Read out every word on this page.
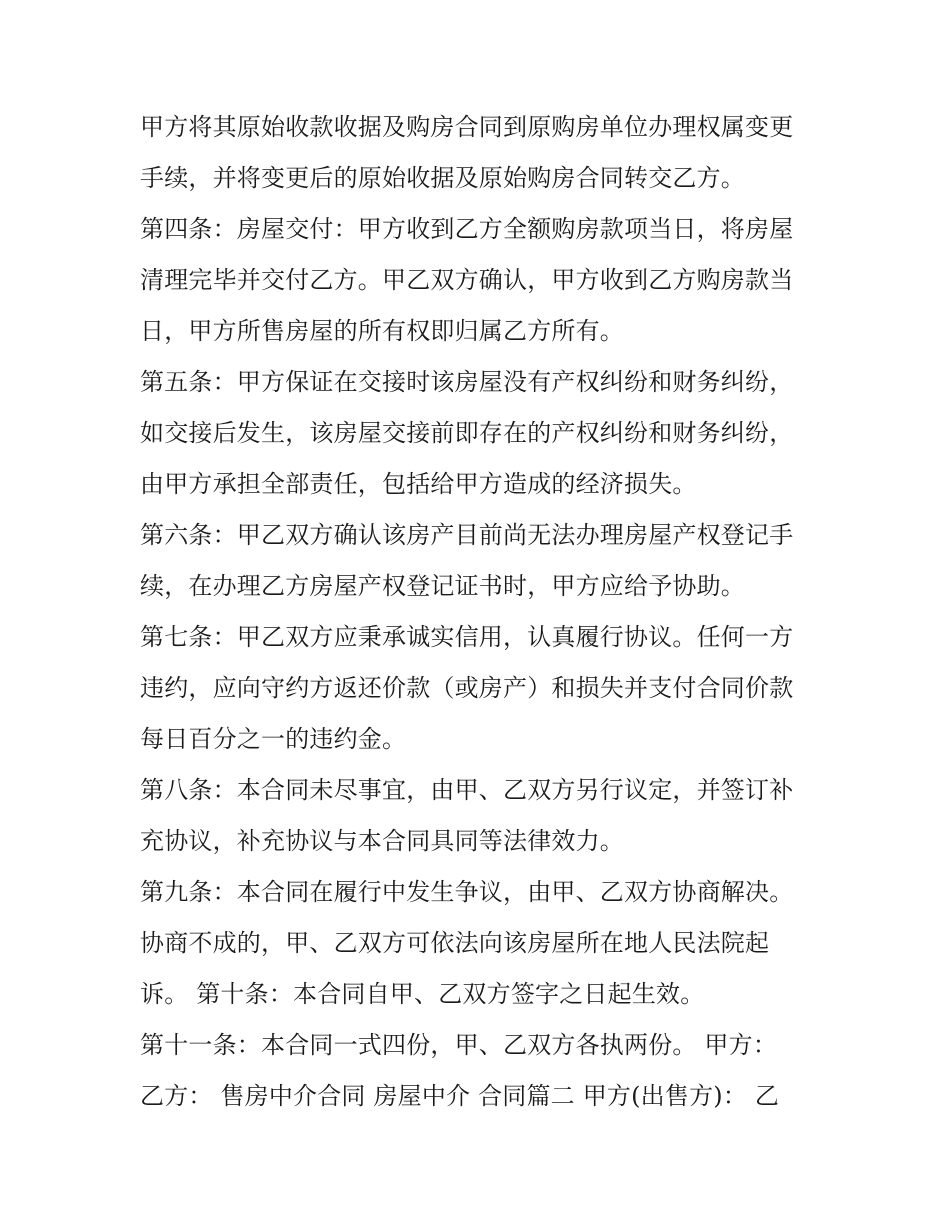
甲方将其原始收款收据及购房合同到原购房单位办理权属变更
手续，并将变更后的原始收据及原始购房合同转交乙方。
第四条：房屋交付：甲方收到乙方全额购房款项当日，将房屋
清理完毕并交付乙方。甲乙双方确认，甲方收到乙方购房款当
日，甲方所售房屋的所有权即归属乙方所有。
第五条：甲方保证在交接时该房屋没有产权纠纷和财务纠纷，
如交接后发生，该房屋交接前即存在的产权纠纷和财务纠纷，
由甲方承担全部责任，包括给甲方造成的经济损失。
第六条：甲乙双方确认该房产目前尚无法办理房屋产权登记手
续，在办理乙方房屋产权登记证书时，甲方应给予协助。
第七条：甲乙双方应秉承诚实信用，认真履行协议。任何一方
违约，应向守约方返还价款（或房产）和损失并支付合同价款
每日百分之一的违约金。
第八条：本合同未尽事宜，由甲、乙双方另行议定，并签订补
充协议，补充协议与本合同具同等法律效力。
第九条：本合同在履行中发生争议，由甲、乙双方协商解决。
协商不成的，甲、乙双方可依法向该房屋所在地人民法院起
诉。 第十条：本合同自甲、乙双方签字之日起生效。
第十一条：本合同一式四份，甲、乙双方各执两份。 甲方：
乙方： 售房中介合同 房屋中介 合同篇二 甲方(出售方)： 乙
